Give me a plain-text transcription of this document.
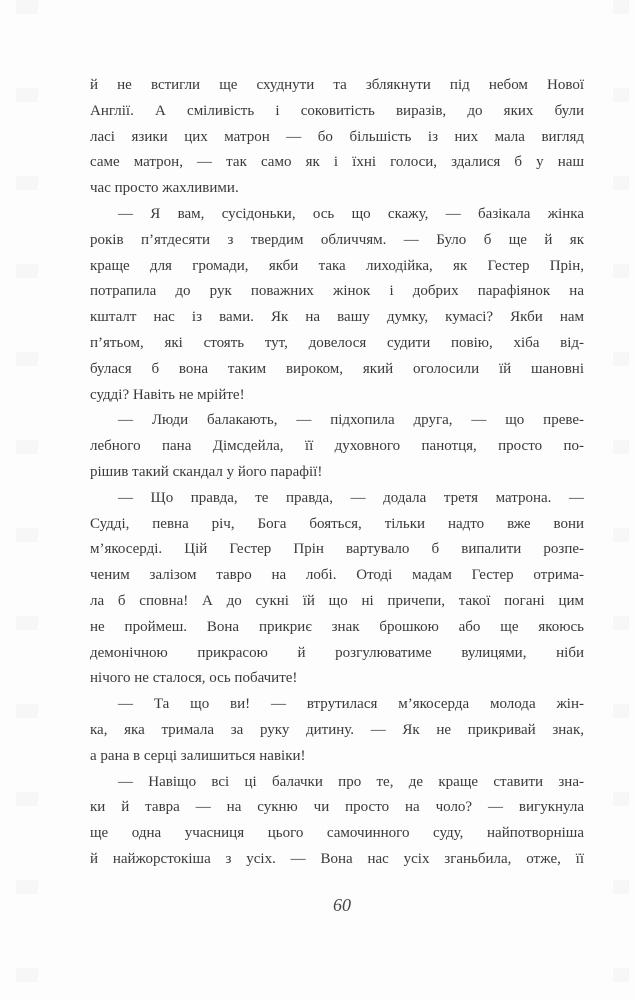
й не встигли ще схуднути та зблякнути під небом Нової
Англії. А сміливість і соковитість виразів, до яких були
ласі язики цих матрон — бо більшість із них мала вигляд
саме матрон, — так само як і їхні голоси, здалися б у наш
час просто жахливими.
— Я вам, сусідоньки, ось що скажу, — базікала жінка
років п’ятдесяти з твердим обличчям. — Було б ще й як
краще для громади, якби така лиходійка, як Гестер Прін,
потрапила до рук поважних жінок і добрих парафіянок на
кшталт нас із вами. Як на вашу думку, кумасі? Якби нам
п’ятьом, які стоять тут, довелося судити повію, хіба від-
булася б вона таким вироком, який оголосили їй шановні
судді? Навіть не мрійте!
— Люди балакають, — підхопила друга, — що преве-
лебного пана Дімсдейла, її духовного панотця, просто по-
рішив такий скандал у його парафії!
— Що правда, те правда, — додала третя матрона. —
Судді, певна річ, Бога бояться, тільки надто вже вони
м’якосерді. Цій Гестер Прін вартувало б випалити розпе-
ченим залізом тавро на лобі. Отоді мадам Гестер отрима-
ла б сповна! А до сукні їй що ні причепи, такої погані цим
не проймеш. Вона прикриє знак брошкою або ще якоюсь
демонічною прикрасою й розгулюватиме вулицями, ніби
нічого не сталося, ось побачите!
— Та що ви! — втрутилася м’якосерда молода жін-
ка, яка тримала за руку дитину. — Як не прикривай знак,
а рана в серці залишиться навіки!
— Навіщо всі ці балачки про те, де краще ставити зна-
ки й тавра — на сукню чи просто на чоло? — вигукнула
ще одна учасниця цього самочинного суду, найпотворніша
й найжорстокіша з усіх. — Вона нас усіх зганьбила, отже, її
60
